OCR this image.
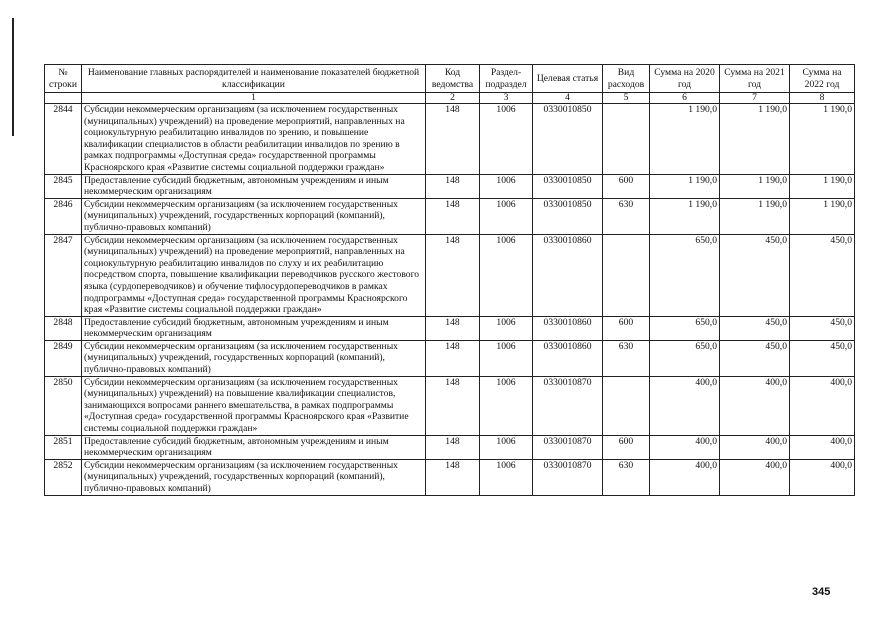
№ строки	Наименование главных распорядителей и наименование показателей бюджетной классификации	Код ведомства	Раздел-подраздел	Целевая статья	Вид расходов	Сумма на 2020 год	Сумма на 2021 год	Сумма на 2022 год
	1	2	3	4	5	6	7	8
2844	Субсидии некоммерческим организациям (за исключением государственных (муниципальных) учреждений) на проведение мероприятий, направленных на социокультурную реабилитацию инвалидов по зрению, и повышение квалификации специалистов в области реабилитации инвалидов по зрению в рамках подпрограммы «Доступная среда» государственной программы Красноярского края «Развитие системы социальной поддержки граждан»	148	1006	0330010850		1 190,0	1 190,0	1 190,0
2845	Предоставление субсидий бюджетным, автономным учреждениям и иным некоммерческим организациям	148	1006	0330010850	600	1 190,0	1 190,0	1 190,0
2846	Субсидии некоммерческим организациям (за исключением государственных (муниципальных) учреждений, государственных корпораций (компаний), публично-правовых компаний)	148	1006	0330010850	630	1 190,0	1 190,0	1 190,0
2847	Субсидии некоммерческим организациям (за исключением государственных (муниципальных) учреждений) на проведение мероприятий, направленных на социокультурную реабилитацию инвалидов по слуху и их реабилитацию посредством спорта, повышение квалификации переводчиков русского жестового языка (сурдопереводчиков) и обучение тифлосурдопереводчиков в рамках подпрограммы «Доступная среда» государственной программы Красноярского края «Развитие системы социальной поддержки граждан»	148	1006	0330010860		650,0	450,0	450,0
2848	Предоставление субсидий бюджетным, автономным учреждениям и иным некоммерческим организациям	148	1006	0330010860	600	650,0	450,0	450,0
2849	Субсидии некоммерческим организациям (за исключением государственных (муниципальных) учреждений, государственных корпораций (компаний), публично-правовых компаний)	148	1006	0330010860	630	650,0	450,0	450,0
2850	Субсидии некоммерческим организациям (за исключением государственных (муниципальных) учреждений) на повышение квалификации специалистов, занимающихся вопросами раннего вмешательства, в рамках подпрограммы «Доступная среда» государственной программы Красноярского края «Развитие системы социальной поддержки граждан»	148	1006	0330010870		400,0	400,0	400,0
2851	Предоставление субсидий бюджетным, автономным учреждениям и иным некоммерческим организациям	148	1006	0330010870	600	400,0	400,0	400,0
2852	Субсидии некоммерческим организациям (за исключением государственных (муниципальных) учреждений, государственных корпораций (компаний), публично-правовых компаний)	148	1006	0330010870	630	400,0	400,0	400,0
345
